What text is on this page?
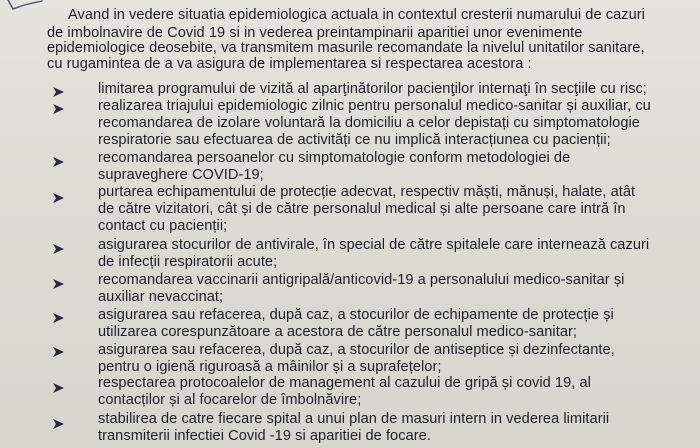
Avand in vedere situatia epidemiologica actuala in contextul cresterii numarului de cazuri
de imbolnavire de Covid 19 si in vederea preintampinarii aparitiei unor evenimente
epidemiologice deosebite, va transmitem masurile recomandate la nivelul unitatilor sanitare,
cu rugamintea de a va asigura de implementarea si respectarea acestora :
limitarea programului de vizită al aparţinătorilor pacienţilor internaţi în secţiile cu risc;
realizarea triajului epidemiologic zilnic pentru personalul medico-sanitar și auxiliar, cu
recomandarea de izolare voluntară la domiciliu a celor depistați cu simptomatologie
respiratorie sau efectuarea de activități ce nu implică interacțiunea cu pacienții;
recomandarea persoanelor cu simptomatologie conform metodologiei de
supraveghere COVID-19;
purtarea echipamentului de protecție adecvat, respectiv măști, mănuși, halate, atât
de către vizitatori, cât și de către personalul medical și alte persoane care intră în
contact cu pacienții;
asigurarea stocurilor de antivirale, în special de către spitalele care internează cazuri
de infecții respiratorii acute;
recomandarea vaccinarii antigripală/anticovid-19 a personalului medico-sanitar și
auxiliar nevaccinat;
asigurarea sau refacerea, după caz, a stocurilor de echipamente de protecție și
utilizarea corespunzătoare a acestora de către personalul medico-sanitar;
asigurarea sau refacerea, după caz, a stocurilor de antiseptice și dezinfectante,
pentru o igienă riguroasă a mâinilor și a suprafețelor;
respectarea protocoalelor de management al cazului de gripă și covid 19, al
contacților și al focarelor de îmbolnăvire;
stabilirea de catre fiecare spital a unui plan de masuri intern in vederea limitarii
transmiterii infectiei Covid -19 si aparitiei de focare.
